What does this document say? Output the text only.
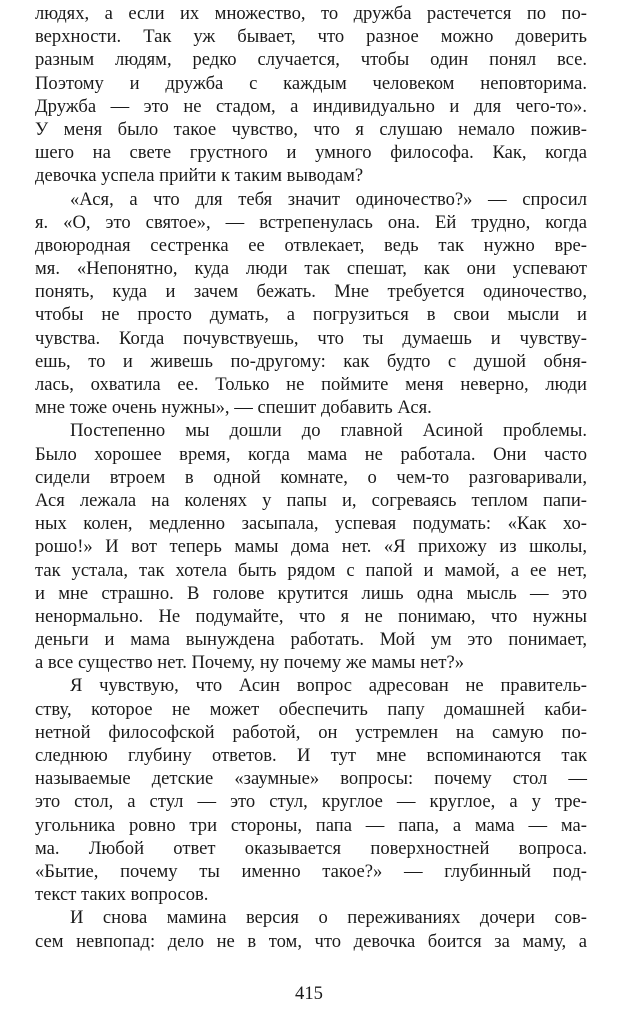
людях, а если их множество, то дружба растечется по по-
верхности. Так уж бывает, что разное можно доверить
разным людям, редко случается, чтобы один понял все.
Поэтому и дружба с каждым человеком неповторима.
Дружба — это не стадом, а индивидуально и для чего-то».
У меня было такое чувство, что я слушаю немало пожив-
шего на свете грустного и умного философа. Как, когда
девочка успела прийти к таким выводам?
«Ася, а что для тебя значит одиночество?» — спросил
я. «О, это святое», — встрепенулась она. Ей трудно, когда
двоюродная сестренка ее отвлекает, ведь так нужно вре-
мя. «Непонятно, куда люди так спешат, как они успевают
понять, куда и зачем бежать. Мне требуется одиночество,
чтобы не просто думать, а погрузиться в свои мысли и
чувства. Когда почувствуешь, что ты думаешь и чувству-
ешь, то и живешь по-другому: как будто с душой обня-
лась, охватила ее. Только не поймите меня неверно, люди
мне тоже очень нужны», — спешит добавить Ася.
Постепенно мы дошли до главной Асиной проблемы.
Было хорошее время, когда мама не работала. Они часто
сидели втроем в одной комнате, о чем-то разговаривали,
Ася лежала на коленях у папы и, согреваясь теплом папи-
ных колен, медленно засыпала, успевая подумать: «Как хо-
рошо!» И вот теперь мамы дома нет. «Я прихожу из школы,
так устала, так хотела быть рядом с папой и мамой, а ее нет,
и мне страшно. В голове крутится лишь одна мысль — это
ненормально. Не подумайте, что я не понимаю, что нужны
деньги и мама вынуждена работать. Мой ум это понимает,
а все существо нет. Почему, ну почему же мамы нет?»
Я чувствую, что Асин вопрос адресован не правитель-
ству, которое не может обеспечить папу домашней каби-
нетной философской работой, он устремлен на самую по-
следнюю глубину ответов. И тут мне вспоминаются так
называемые детские «заумные» вопросы: почему стол —
это стол, а стул — это стул, круглое — круглое, а у тре-
угольника ровно три стороны, папа — папа, а мама — ма-
ма. Любой ответ оказывается поверхностней вопроса.
«Бытие, почему ты именно такое?» — глубинный под-
текст таких вопросов.
И снова мамина версия о переживаниях дочери сов-
сем невпопад: дело не в том, что девочка боится за маму, а
415
